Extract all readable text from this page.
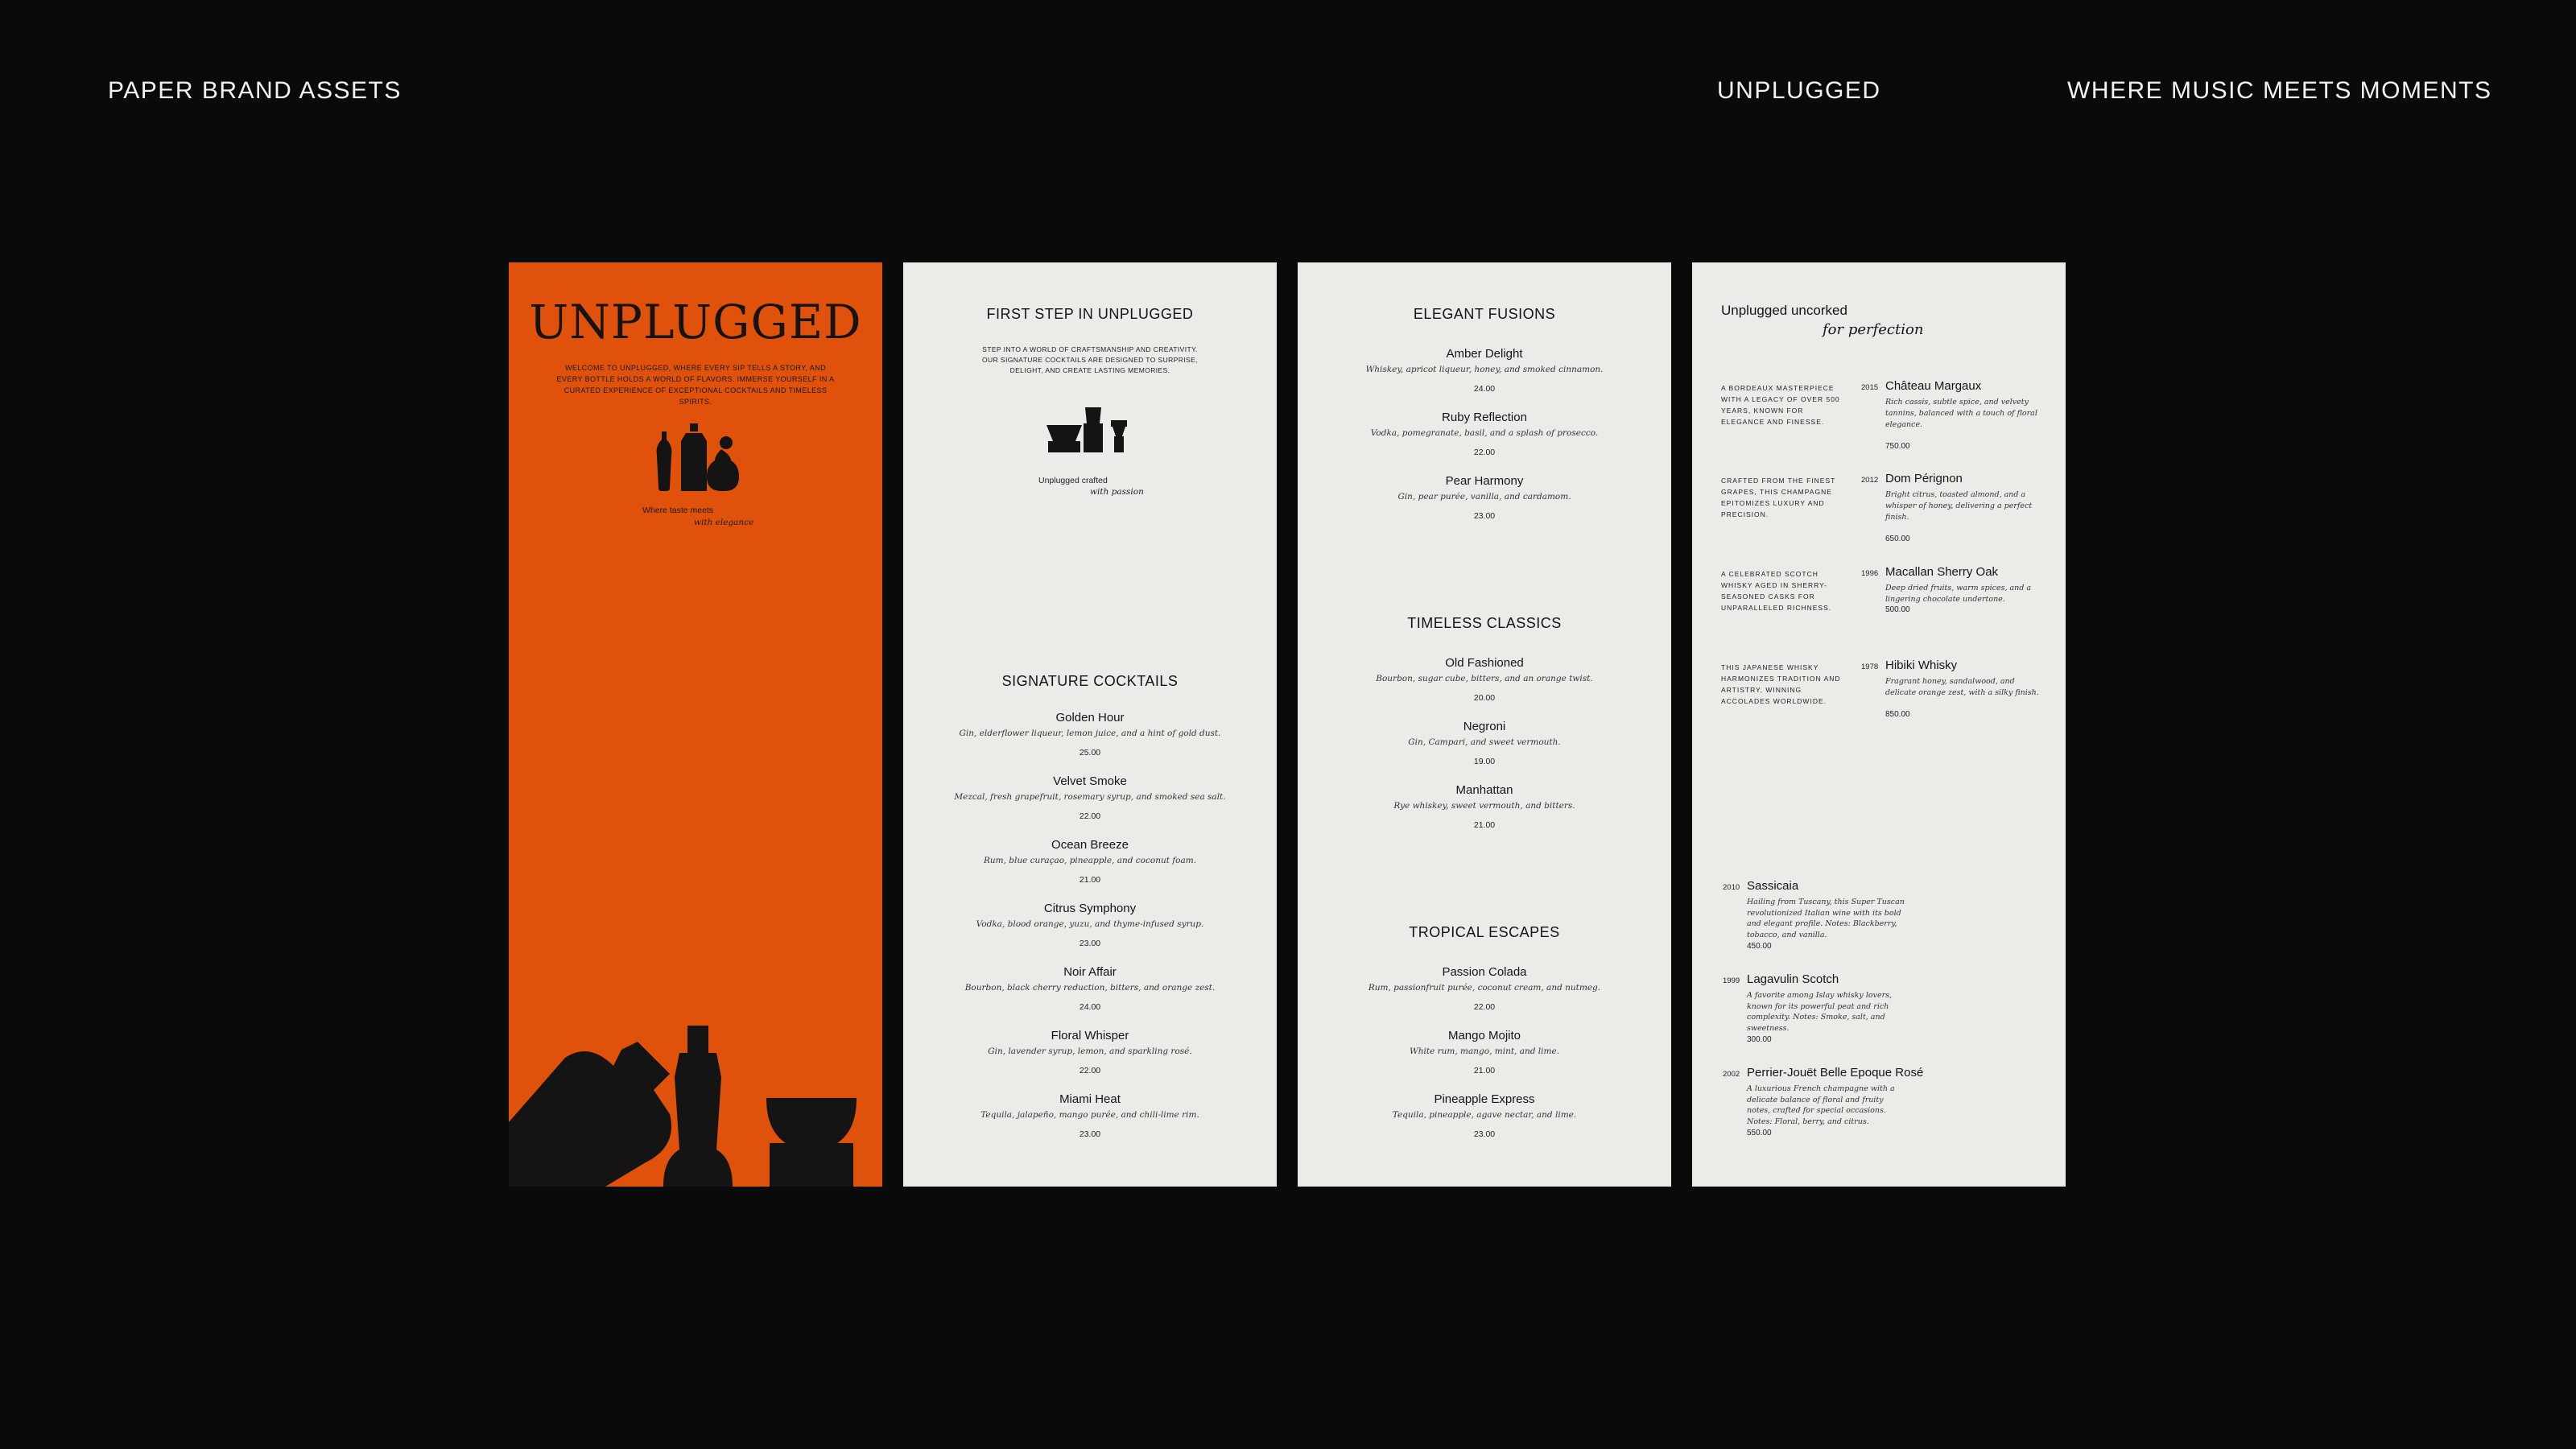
PAPER BRAND ASSETS	UNPLUGGED	WHERE MUSIC MEETS MOMENTS
UNPLUGGED
WELCOME TO UNPLUGGED, WHERE EVERY SIP TELLS A STORY, AND EVERY BOTTLE HOLDS A WORLD OF FLAVORS. IMMERSE YOURSELF IN A CURATED EXPERIENCE OF EXCEPTIONAL COCKTAILS AND TIMELESS SPIRITS.
Where taste meets
with elegance
FIRST STEP IN UNPLUGGED
STEP INTO A WORLD OF CRAFTSMANSHIP AND CREATIVITY. OUR SIGNATURE COCKTAILS ARE DESIGNED TO SURPRISE, DELIGHT, AND CREATE LASTING MEMORIES.
Unplugged crafted
with passion
SIGNATURE COCKTAILS
Golden Hour
Gin, elderflower liqueur, lemon juice, and a hint of gold dust.
25.00
Velvet Smoke
Mezcal, fresh grapefruit, rosemary syrup, and smoked sea salt.
22.00
Ocean Breeze
Rum, blue curaçao, pineapple, and coconut foam.
21.00
Citrus Symphony
Vodka, blood orange, yuzu, and thyme-infused syrup.
23.00
Noir Affair
Bourbon, black cherry reduction, bitters, and orange zest.
24.00
Floral Whisper
Gin, lavender syrup, lemon, and sparkling rosé.
22.00
Miami Heat
Tequila, jalapeño, mango purée, and chili-lime rim.
23.00
ELEGANT FUSIONS
Amber Delight
Whiskey, apricot liqueur, honey, and smoked cinnamon.
24.00
Ruby Reflection
Vodka, pomegranate, basil, and a splash of prosecco.
22.00
Pear Harmony
Gin, pear purée, vanilla, and cardamom.
23.00
TIMELESS CLASSICS
Old Fashioned
Bourbon, sugar cube, bitters, and an orange twist.
20.00
Negroni
Gin, Campari, and sweet vermouth.
19.00
Manhattan
Rye whiskey, sweet vermouth, and bitters.
21.00
TROPICAL ESCAPES
Passion Colada
Rum, passionfruit purée, coconut cream, and nutmeg.
22.00
Mango Mojito
White rum, mango, mint, and lime.
21.00
Pineapple Express
Tequila, pineapple, agave nectar, and lime.
23.00
Unplugged uncorked
for perfection
A BORDEAUX MASTERPIECE WITH A LEGACY OF OVER 500 YEARS, KNOWN FOR ELEGANCE AND FINESSE.
2015 Château Margaux
Rich cassis, subtle spice, and velvety tannins, balanced with a touch of floral elegance.
750.00
CRAFTED FROM THE FINEST GRAPES, THIS CHAMPAGNE EPITOMIZES LUXURY AND PRECISION.
2012 Dom Pérignon
Bright citrus, toasted almond, and a whisper of honey, delivering a perfect finish.
650.00
A CELEBRATED SCOTCH WHISKY AGED IN SHERRY-SEASONED CASKS FOR UNPARALLELED RICHNESS.
1996 Macallan Sherry Oak
Deep dried fruits, warm spices, and a lingering chocolate undertone.
500.00
THIS JAPANESE WHISKY HARMONIZES TRADITION AND ARTISTRY, WINNING ACCOLADES WORLDWIDE.
1978 Hibiki Whisky
Fragrant honey, sandalwood, and delicate orange zest, with a silky finish.
850.00
2010 Sassicaia
Hailing from Tuscany, this Super Tuscan revolutionized Italian wine with its bold and elegant profile. Notes: Blackberry, tobacco, and vanilla.
450.00
1999 Lagavulin Scotch
A favorite among Islay whisky lovers, known for its powerful peat and rich complexity. Notes: Smoke, salt, and sweetness.
300.00
2002 Perrier-Jouët Belle Epoque Rosé
A luxurious French champagne with a delicate balance of floral and fruity notes, crafted for special occasions. Notes: Floral, berry, and citrus.
550.00
